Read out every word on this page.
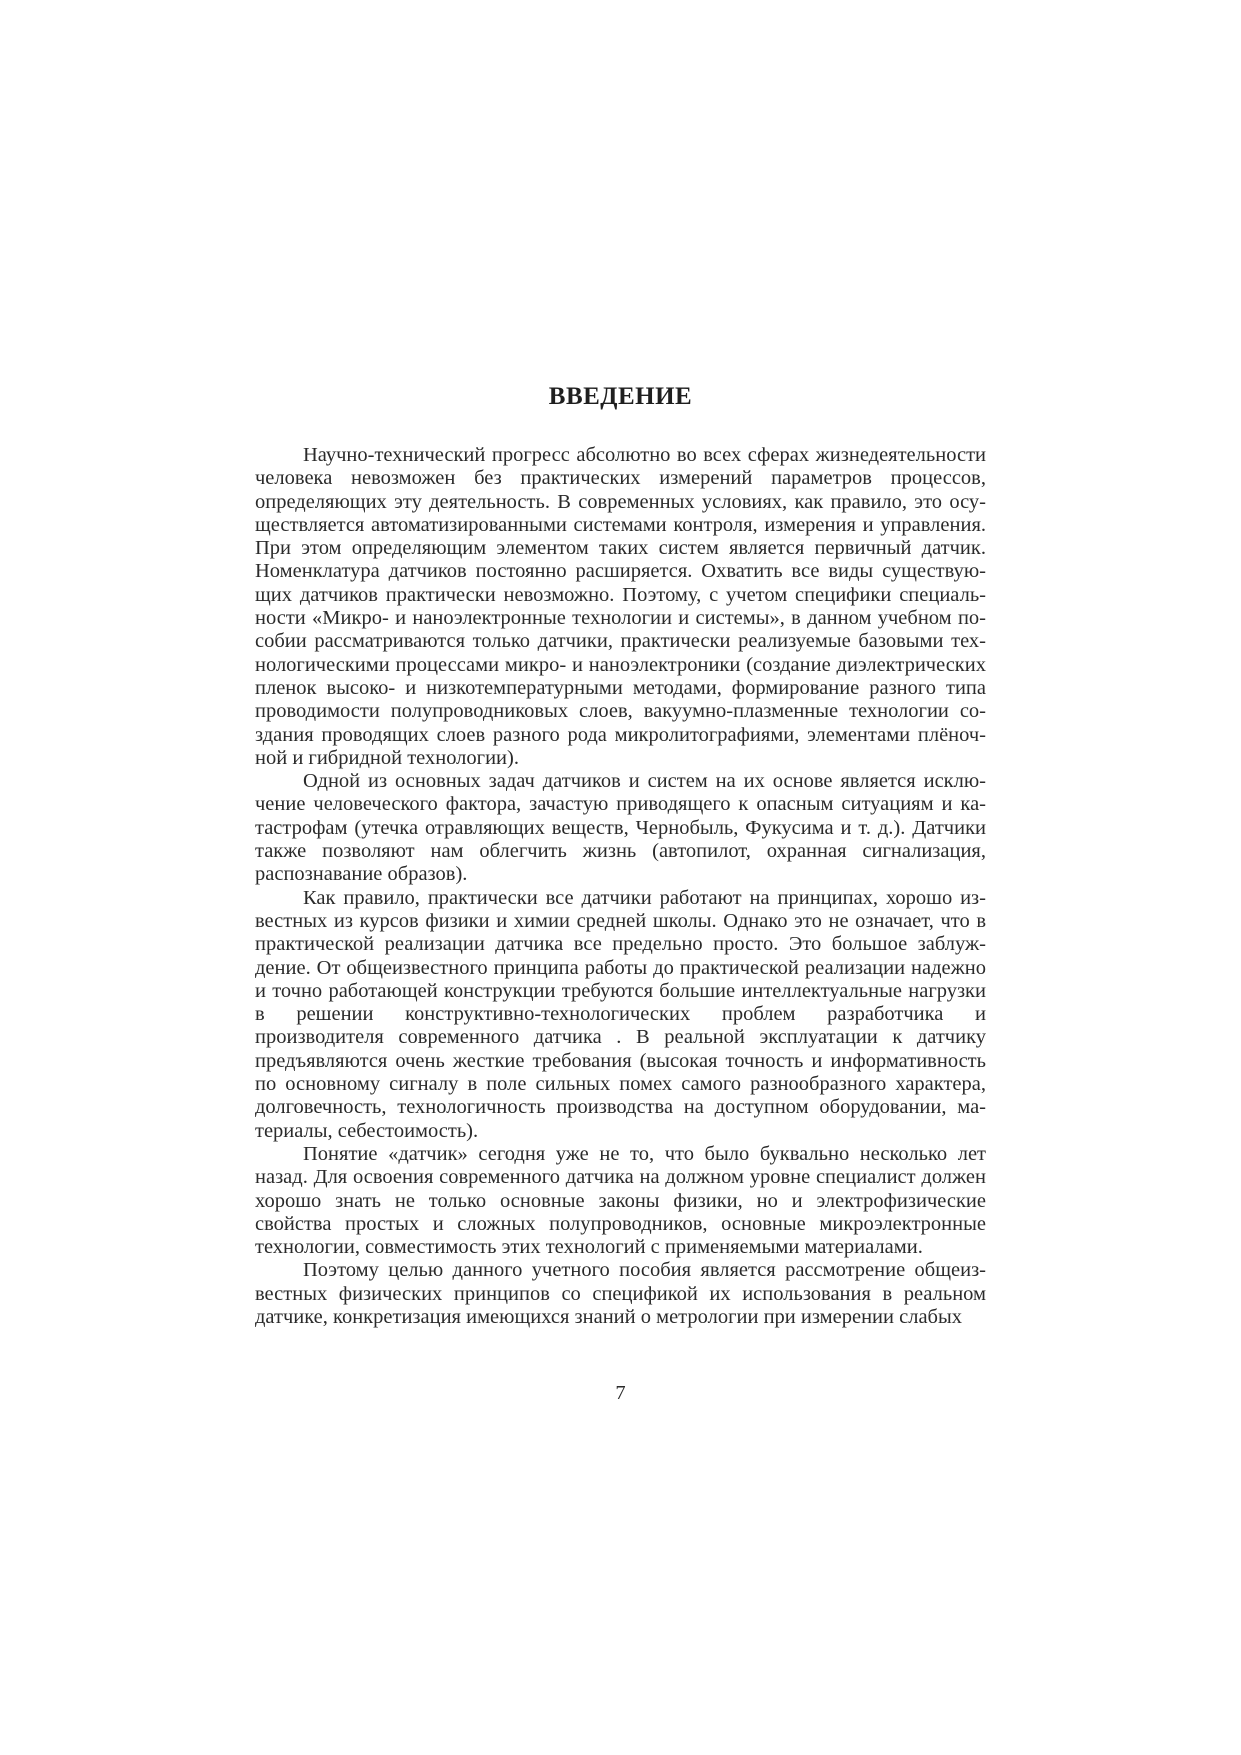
ВВЕДЕНИЕ

Научно-технический прогресс абсолютно во всех сферах жизнедеятельности человека невозможен без практических измерений параметров процессов, определяющих эту деятельность. В современных условиях, как правило, это осуществляется автоматизированными системами контроля, измерения и управления. При этом определяющим элементом таких систем является первичный датчик. Номенклатура датчиков постоянно расширяется. Охватить все виды существующих датчиков практически невозможно. Поэтому, с учетом специфики специальности «Микро- и наноэлектронные технологии и системы», в данном учебном пособии рассматриваются только датчики, практически реализуемые базовыми технологическими процессами микро- и наноэлектроники (создание диэлектрических пленок высоко- и низкотемпературными методами, формирование разного типа проводимости полупроводниковых слоев, вакуумно-плазменные технологии создания проводящих слоев разного рода микролитографиями, элементами плёночной и гибридной технологии).

Одной из основных задач датчиков и систем на их основе является исключение человеческого фактора, зачастую приводящего к опасным ситуациям и катастрофам (утечка отравляющих веществ, Чернобыль, Фукусима и т. д.). Датчики также позволяют нам облегчить жизнь (автопилот, охранная сигнализация, распознавание образов).

Как правило, практически все датчики работают на принципах, хорошо известных из курсов физики и химии средней школы. Однако это не означает, что в практической реализации датчика все предельно просто. Это большое заблуждение. От общеизвестного принципа работы до практической реализации надежно и точно работающей конструкции требуются большие интеллектуальные нагрузки в решении конструктивно-технологических проблем разработчика и производителя современного датчика . В реальной эксплуатации к датчику предъявляются очень жесткие требования (высокая точность и информативность по основному сигналу в поле сильных помех самого разнообразного характера, долговечность, технологичность производства на доступном оборудовании, материалы, себестоимость).

Понятие «датчик» сегодня уже не то, что было буквально несколько лет назад. Для освоения современного датчика на должном уровне специалист должен хорошо знать не только основные законы физики, но и электрофизические свойства простых и сложных полупроводников, основные микроэлектронные технологии, совместимость этих технологий с применяемыми материалами.

Поэтому целью данного учетного пособия является рассмотрение общеизвестных физических принципов со спецификой их использования в реальном датчике, конкретизация имеющихся знаний о метрологии при измерении слабых

7
